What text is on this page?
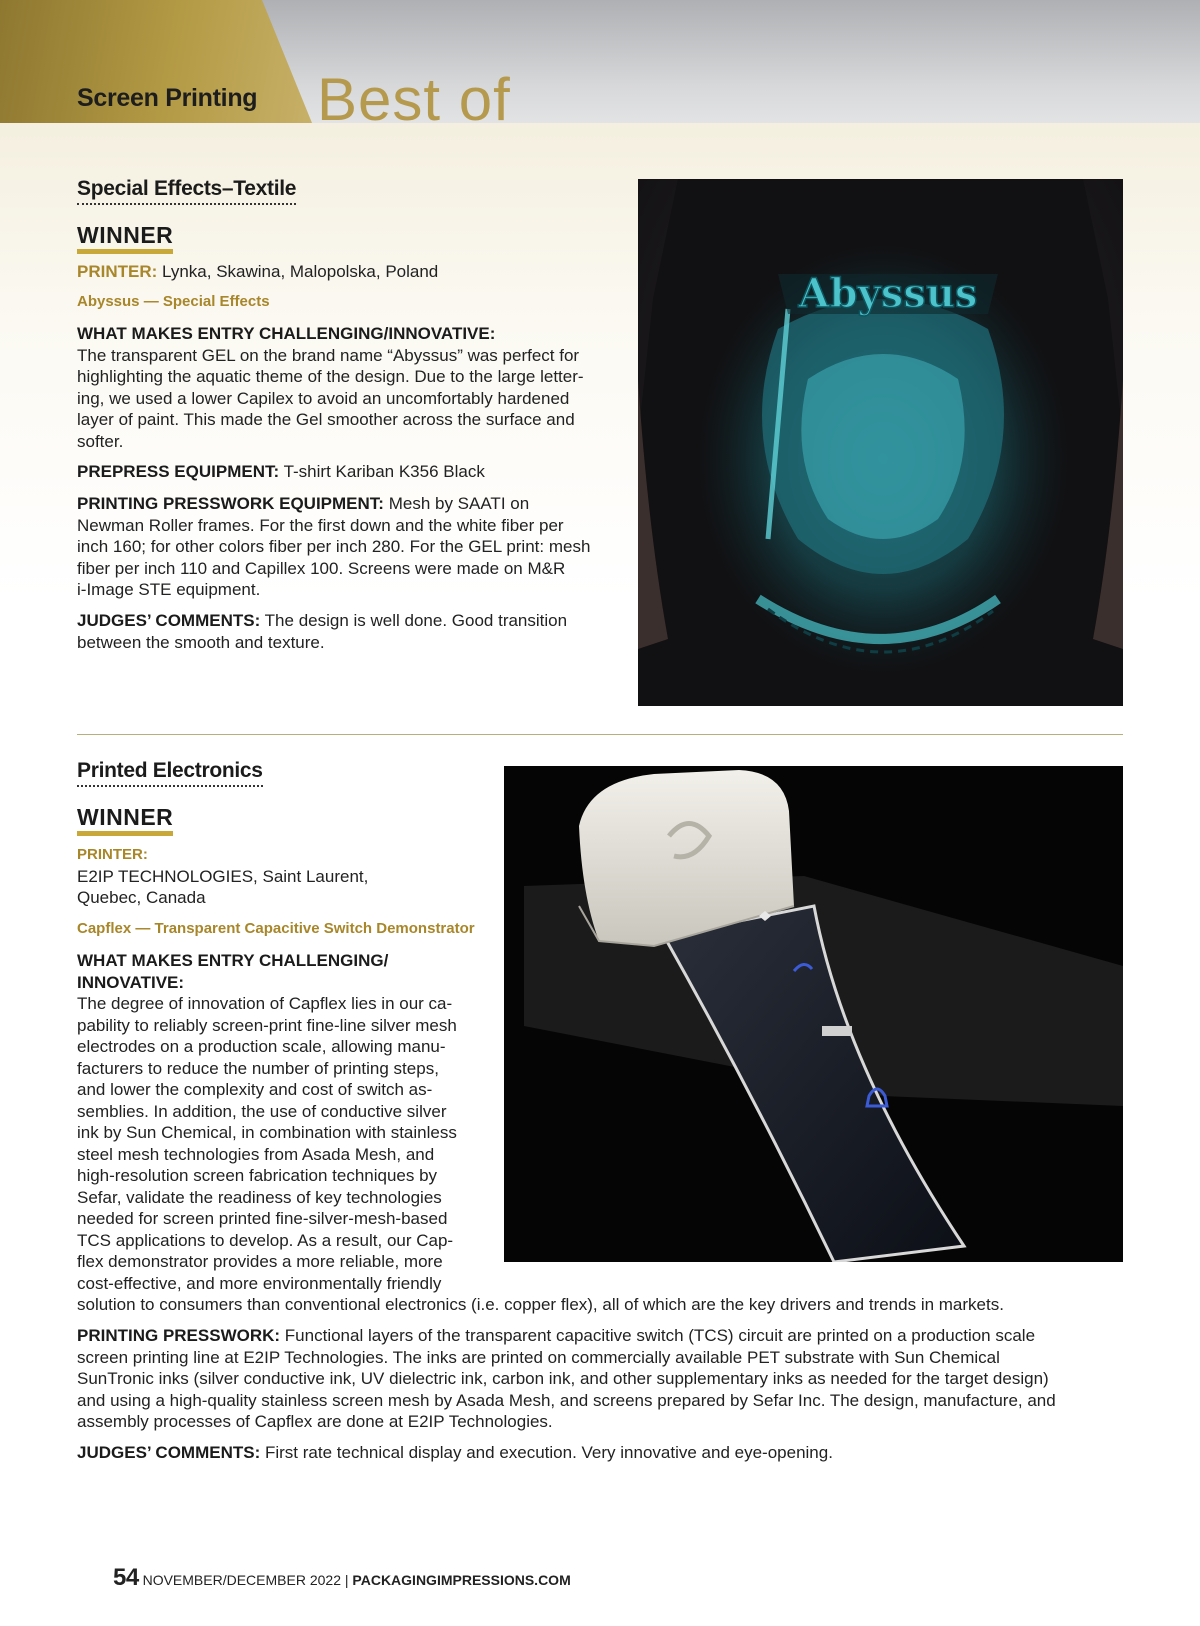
Screen Printing Best of
Special Effects–Textile
WINNER
PRINTER: Lynka, Skawina, Malopolska, Poland
Abyssus — Special Effects
WHAT MAKES ENTRY CHALLENGING/INNOVATIVE:
The transparent GEL on the brand name “Abyssus” was perfect for
highlighting the aquatic theme of the design. Due to the large letter-
ing, we used a lower Capilex to avoid an uncomfortably hardened
layer of paint. This made the Gel smoother across the surface and
softer.
PREPRESS EQUIPMENT: T-shirt Kariban K356 Black
PRINTING PRESSWORK EQUIPMENT: Mesh by SAATI on
Newman Roller frames. For the first down and the white fiber per
inch 160; for other colors fiber per inch 280. For the GEL print: mesh
fiber per inch 110 and Capillex 100. Screens were made on M&R
i-Image STE equipment.
JUDGES’ COMMENTS: The design is well done. Good transition
between the smooth and texture.
Abyssus
Printed Electronics
WINNER
PRINTER:
E2IP TECHNOLOGIES, Saint Laurent,
Quebec, Canada
Capflex — Transparent Capacitive Switch Demonstrator
WHAT MAKES ENTRY CHALLENGING/
INNOVATIVE:
The degree of innovation of Capflex lies in our ca-
pability to reliably screen-print fine-line silver mesh
electrodes on a production scale, allowing manu-
facturers to reduce the number of printing steps,
and lower the complexity and cost of switch as-
semblies. In addition, the use of conductive silver
ink by Sun Chemical, in combination with stainless
steel mesh technologies from Asada Mesh, and
high-resolution screen fabrication techniques by
Sefar, validate the readiness of key technologies
needed for screen printed fine-silver-mesh-based
TCS applications to develop. As a result, our Cap-
flex demonstrator provides a more reliable, more
cost-effective, and more environmentally friendly
solution to consumers than conventional electronics (i.e. copper flex), all of which are the key drivers and trends in markets.
PRINTING PRESSWORK: Functional layers of the transparent capacitive switch (TCS) circuit are printed on a production scale
screen printing line at E2IP Technologies. The inks are printed on commercially available PET substrate with Sun Chemical
SunTronic inks (silver conductive ink, UV dielectric ink, carbon ink, and other supplementary inks as needed for the target design)
and using a high-quality stainless screen mesh by Asada Mesh, and screens prepared by Sefar Inc. The design, manufacture, and
assembly processes of Capflex are done at E2IP Technologies.
JUDGES’ COMMENTS: First rate technical display and execution. Very innovative and eye-opening.
54 NOVEMBER/DECEMBER 2022 | PACKAGINGIMPRESSIONS.COM
